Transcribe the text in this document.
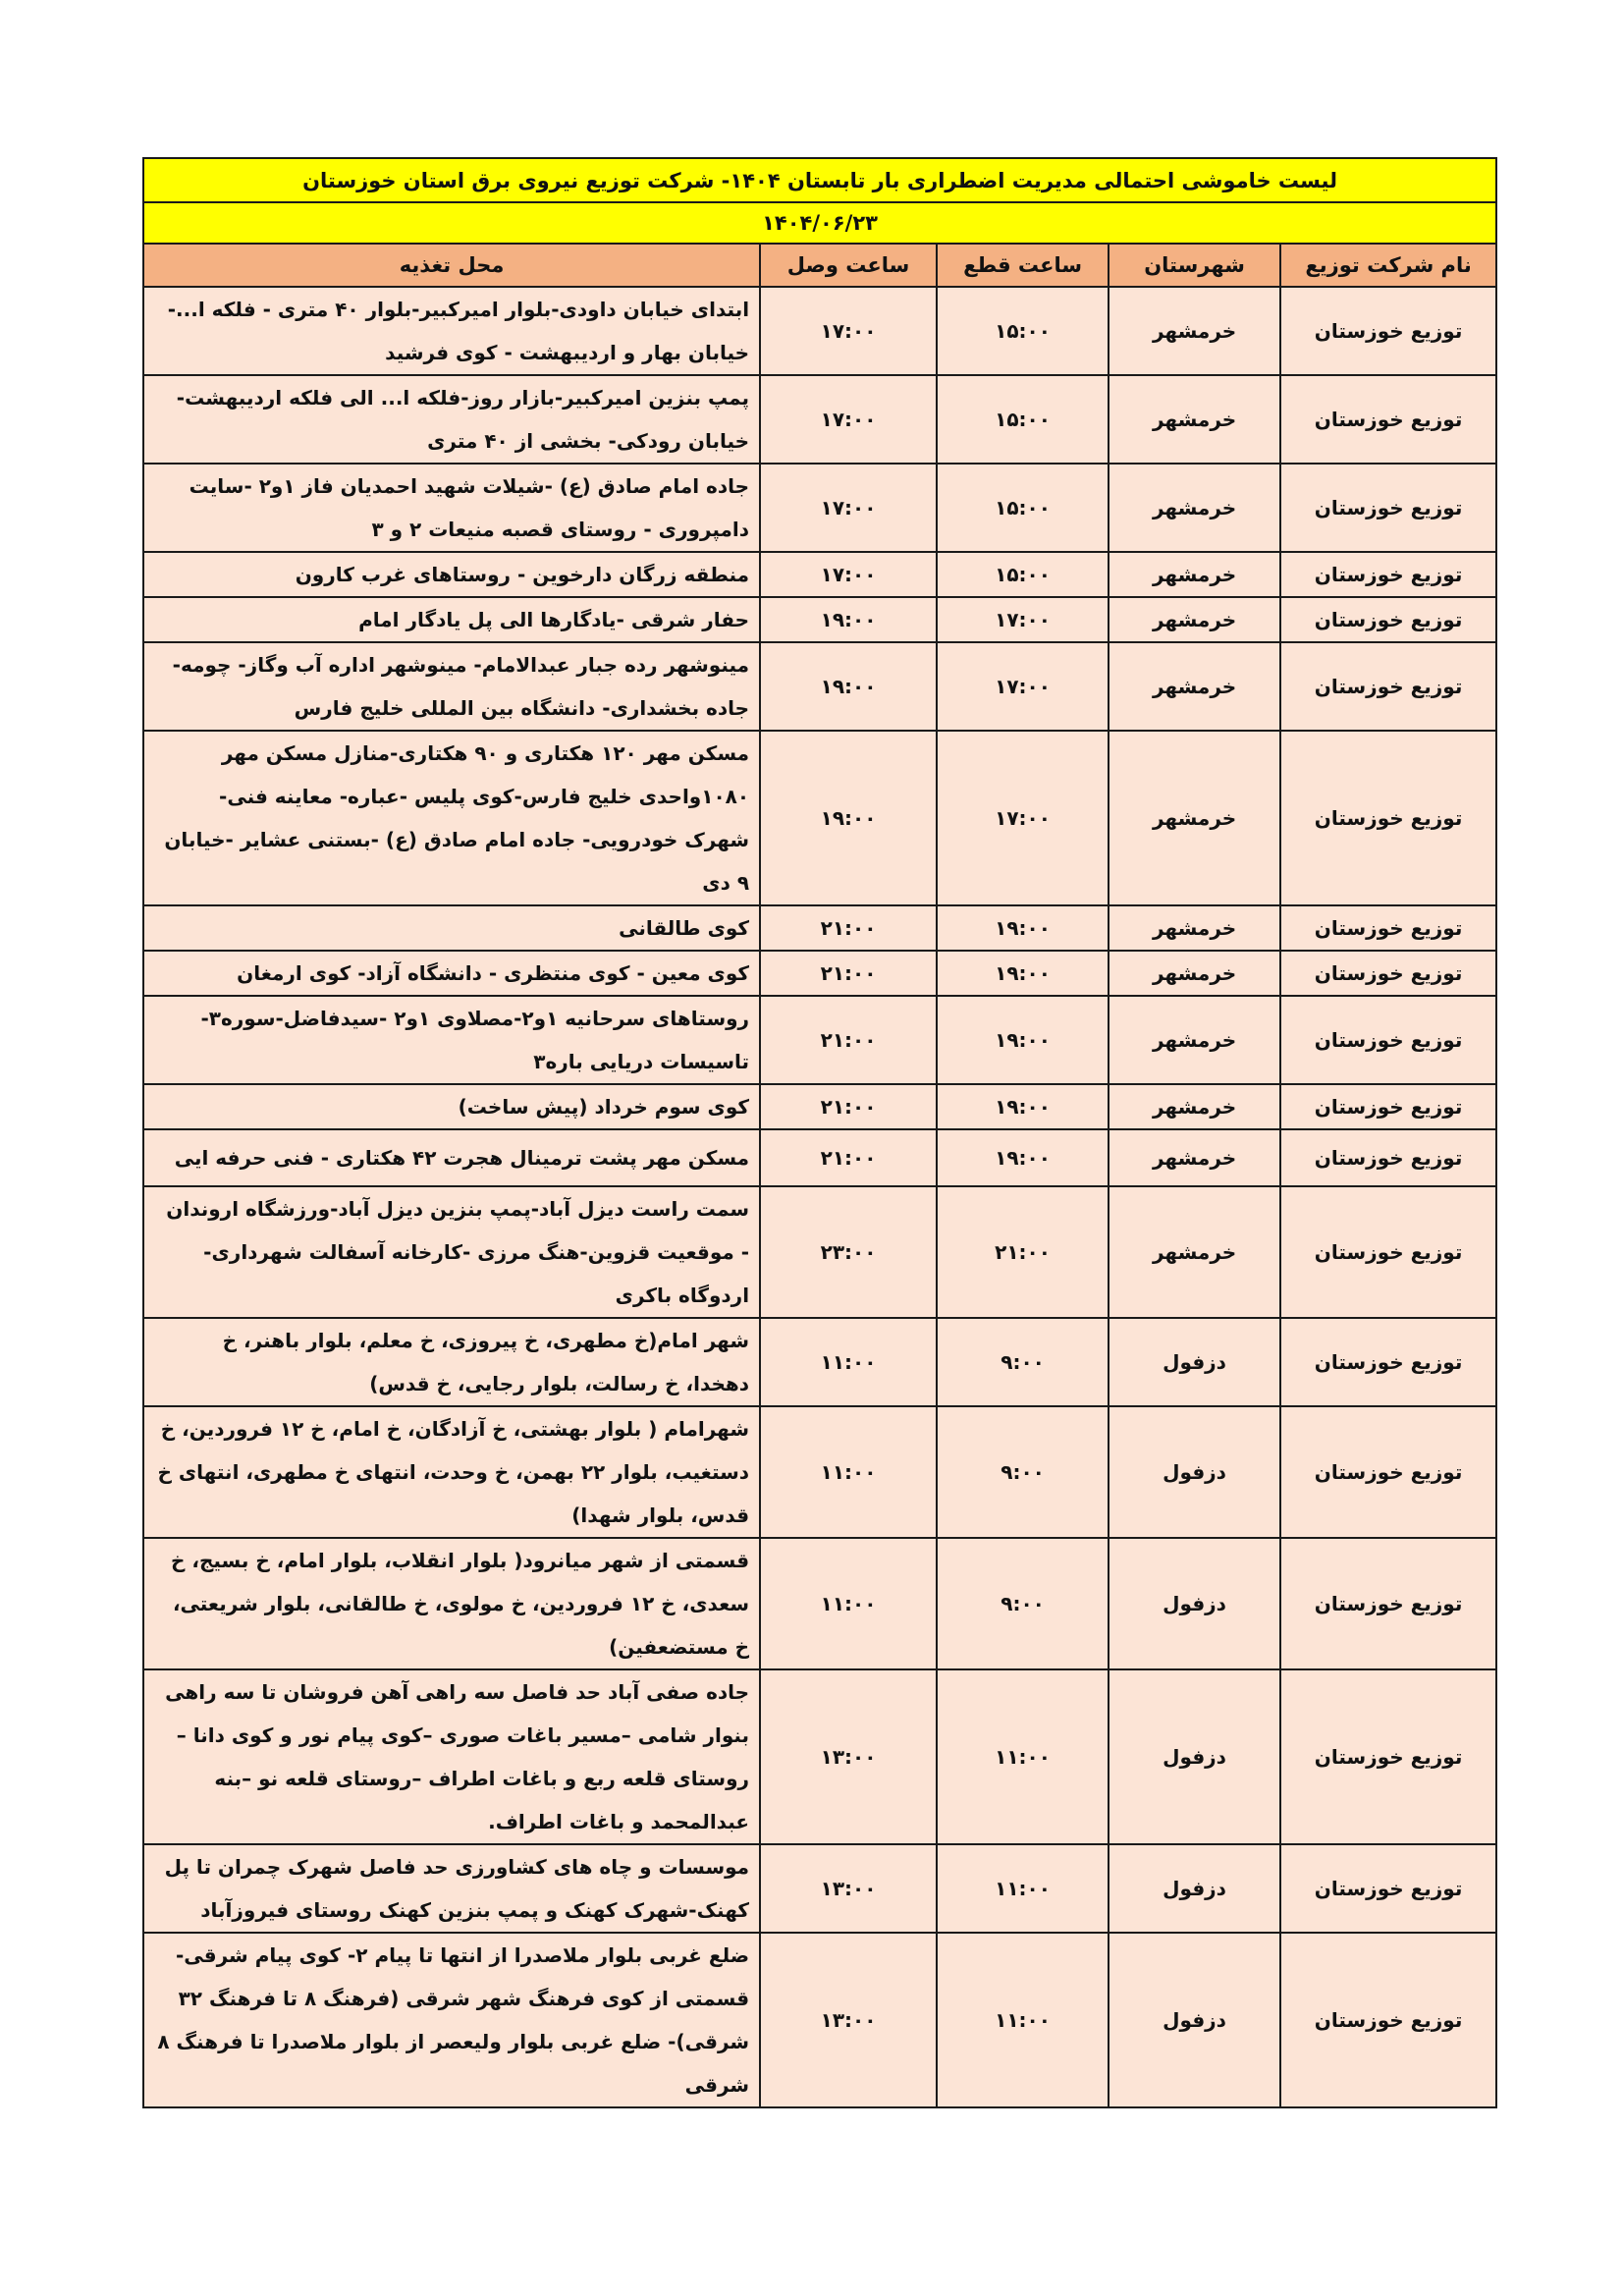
لیست خاموشی احتمالی مدیریت اضطراری بار تابستان ۱۴۰۴- شرکت توزیع نیروی برق استان خوزستان				
۱۴۰۴/۰۶/۲۳				
نام شرکت توزیع	شهرستان	ساعت قطع	ساعت وصل	محل تغذیه
توزیع خوزستان	خرمشهر	۱۵:۰۰	۱۷:۰۰	ابتدای خیابان داودی-بلوار امیرکبیر-بلوار ۴۰ متری - فلکه ا...- خیابان بهار و اردیبهشت - کوی فرشید
توزیع خوزستان	خرمشهر	۱۵:۰۰	۱۷:۰۰	پمپ بنزین امیرکبیر-بازار روز-فلکه ا... الی فلکه اردیبهشت- خیابان رودکی- بخشی از ۴۰ متری
توزیع خوزستان	خرمشهر	۱۵:۰۰	۱۷:۰۰	جاده امام صادق (ع) -شیلات شهید احمدیان فاز ۱و۲ -سایت دامپروری - روستای قصبه منیعات ۲ و ۳
توزیع خوزستان	خرمشهر	۱۵:۰۰	۱۷:۰۰	منطقه زرگان دارخوین - روستاهای غرب کارون
توزیع خوزستان	خرمشهر	۱۷:۰۰	۱۹:۰۰	حفار شرقی -یادگارها الی پل یادگار امام
توزیع خوزستان	خرمشهر	۱۷:۰۰	۱۹:۰۰	مینوشهر رده جبار عبدالامام- مینوشهر اداره آب وگاز- چومه- جاده بخشداری- دانشگاه بین المللی خلیج فارس
توزیع خوزستان	خرمشهر	۱۷:۰۰	۱۹:۰۰	مسکن مهر ۱۲۰ هکتاری و ۹۰ هکتاری-منازل مسکن مهر ۱۰۸۰واحدی خلیج فارس-کوی پلیس -عباره- معاینه فنی- شهرک خودرویی- جاده امام صادق (ع) -بستنی عشایر -خیابان ۹ دی
توزیع خوزستان	خرمشهر	۱۹:۰۰	۲۱:۰۰	کوی طالقانی
توزیع خوزستان	خرمشهر	۱۹:۰۰	۲۱:۰۰	کوی معین - کوی منتظری - دانشگاه آزاد- کوی ارمغان
توزیع خوزستان	خرمشهر	۱۹:۰۰	۲۱:۰۰	روستاهای سرحانیه ۱و۲-مصلاوی ۱و۲ -سیدفاضل-سوره۳- تاسیسات دریایی باره۳
توزیع خوزستان	خرمشهر	۱۹:۰۰	۲۱:۰۰	کوی سوم خرداد (پیش ساخت)
توزیع خوزستان	خرمشهر	۱۹:۰۰	۲۱:۰۰	مسکن مهر پشت ترمینال هجرت ۴۲ هکتاری - فنی حرفه ایی
توزیع خوزستان	خرمشهر	۲۱:۰۰	۲۳:۰۰	سمت راست دیزل آباد-پمپ بنزین دیزل آباد-ورزشگاه اروندان - موقعیت قزوین-هنگ مرزی -کارخانه آسفالت شهرداری- اردوگاه باکری
توزیع خوزستان	دزفول	۹:۰۰	۱۱:۰۰	شهر امام(خ مطهری، خ پیروزی، خ معلم، بلوار باهنر، خ دهخدا، خ رسالت، بلوار رجایی، خ قدس)
توزیع خوزستان	دزفول	۹:۰۰	۱۱:۰۰	شهرامام ( بلوار بهشتی، خ آزادگان، خ امام، خ ۱۲ فروردین، خ دستغیب، بلوار ۲۲ بهمن، خ وحدت، انتهای خ مطهری، انتهای خ قدس، بلوار شهدا)
توزیع خوزستان	دزفول	۹:۰۰	۱۱:۰۰	قسمتی از شهر میانرود( بلوار انقلاب، بلوار امام، خ بسیج، خ سعدی، خ ۱۲ فروردین، خ مولوی، خ طالقانی، بلوار شریعتی، خ مستضعفین)
توزیع خوزستان	دزفول	۱۱:۰۰	۱۳:۰۰	جاده صفی آباد حد فاصل سه راهی آهن فروشان تا سه راهی بنوار شامی –مسیر باغات صوری –کوی پیام نور و کوی دانا – روستای قلعه ربع و باغات اطراف –روستای قلعه نو –بنه عبدالمحمد و باغات اطراف.
توزیع خوزستان	دزفول	۱۱:۰۰	۱۳:۰۰	موسسات و چاه های کشاورزی حد فاصل شهرک چمران تا پل کهنک-شهرک کهنک و پمپ بنزین کهنک روستای فیروزآباد
توزیع خوزستان	دزفول	۱۱:۰۰	۱۳:۰۰	ضلع غربی بلوار ملاصدرا از انتها تا پیام ۲- کوی پیام شرقی- قسمتی از کوی فرهنگ شهر شرقی (فرهنگ ۸ تا فرهنگ ۳۲ شرقی)- ضلع غربی بلوار ولیعصر از بلوار ملاصدرا تا فرهنگ ۸ شرقی
